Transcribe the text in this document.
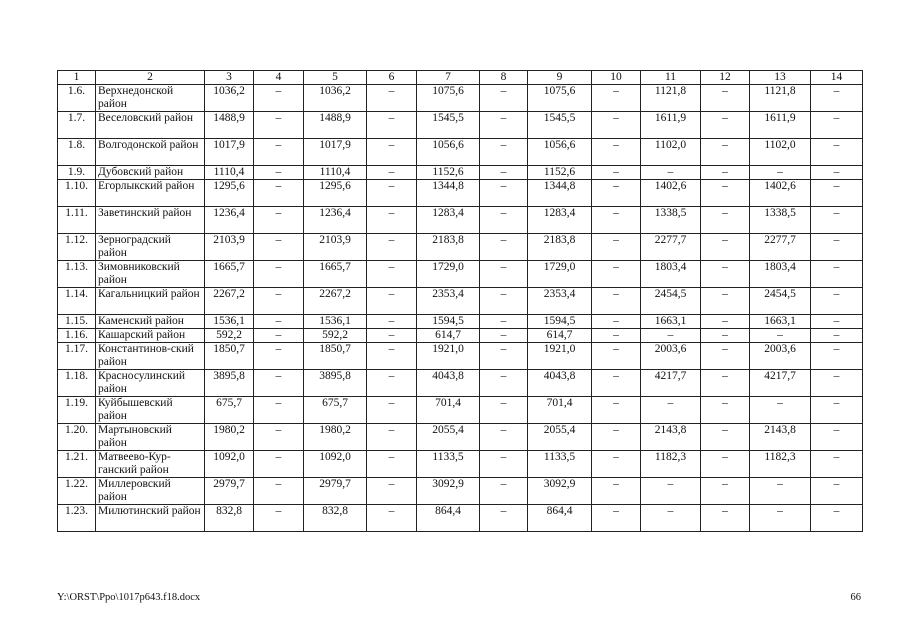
1	2	3	4	5	6	7	8	9	10	11	12	13	14
1.6.	Верхнедонской район	1036,2	–	1036,2	–	1075,6	–	1075,6	–	1121,8	–	1121,8	–
1.7.	Веселовский район	1488,9	–	1488,9	–	1545,5	–	1545,5	–	1611,9	–	1611,9	–
1.8.	Волгодонской район	1017,9	–	1017,9	–	1056,6	–	1056,6	–	1102,0	–	1102,0	–
1.9.	Дубовский район	1110,4	–	1110,4	–	1152,6	–	1152,6	–	–	–	–	–
1.10.	Егорлыкский район	1295,6	–	1295,6	–	1344,8	–	1344,8	–	1402,6	–	1402,6	–
1.11.	Заветинский район	1236,4	–	1236,4	–	1283,4	–	1283,4	–	1338,5	–	1338,5	–
1.12.	Зерноградский район	2103,9	–	2103,9	–	2183,8	–	2183,8	–	2277,7	–	2277,7	–
1.13.	Зимовниковский район	1665,7	–	1665,7	–	1729,0	–	1729,0	–	1803,4	–	1803,4	–
1.14.	Кагальницкий район	2267,2	–	2267,2	–	2353,4	–	2353,4	–	2454,5	–	2454,5	–
1.15.	Каменский район	1536,1	–	1536,1	–	1594,5	–	1594,5	–	1663,1	–	1663,1	–
1.16.	Кашарский район	592,2	–	592,2	–	614,7	–	614,7	–	–	–	–	–
1.17.	Константинов-ский район	1850,7	–	1850,7	–	1921,0	–	1921,0	–	2003,6	–	2003,6	–
1.18.	Красносулинский район	3895,8	–	3895,8	–	4043,8	–	4043,8	–	4217,7	–	4217,7	–
1.19.	Куйбышевский район	675,7	–	675,7	–	701,4	–	701,4	–	–	–	–	–
1.20.	Мартыновский район	1980,2	–	1980,2	–	2055,4	–	2055,4	–	2143,8	–	2143,8	–
1.21.	Матвеево-Кур-ганский район	1092,0	–	1092,0	–	1133,5	–	1133,5	–	1182,3	–	1182,3	–
1.22.	Миллеровский район	2979,7	–	2979,7	–	3092,9	–	3092,9	–	–	–	–	–
1.23.	Милютинский район	832,8	–	832,8	–	864,4	–	864,4	–	–	–	–	–
Y:\ORST\Ppo\1017p643.f18.docx	66
